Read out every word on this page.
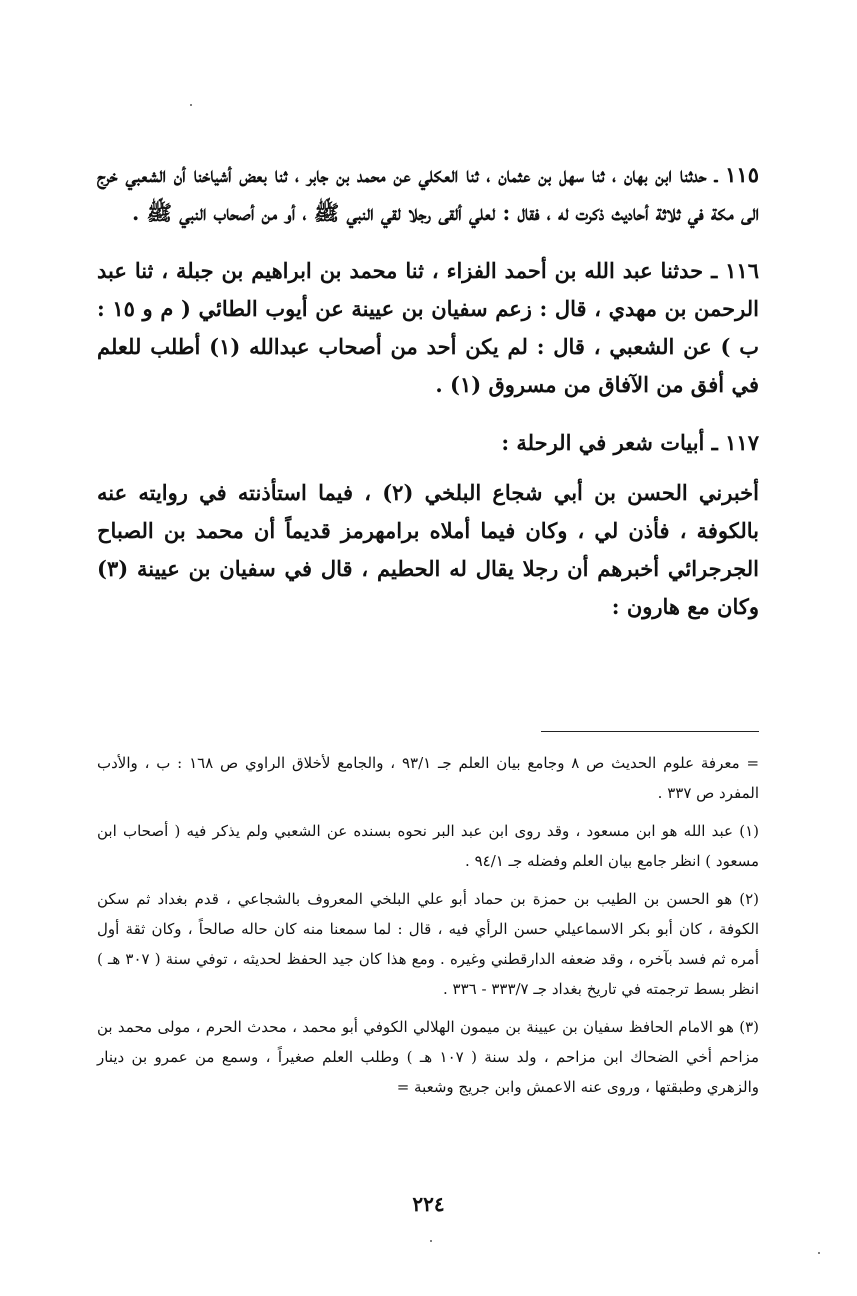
١١٥ ـ حدثنا ابن بهان ، ثنا سهل بن عثمان ، ثنا العكلي عن محمد بن جابر ، ثنا بعض أشياخنا أن الشعبي خرج الى مكة في ثلاثة أحاديث ذكرت له ، فقال : لعلي ألقى رجلا لقي النبي ﷺ ، أو من أصحاب النبي ﷺ .

١١٦ ـ حدثنا عبد الله بن أحمد الفزاء ، ثنا محمد بن ابراهيم بن جبلة ، ثنا عبد الرحمن بن مهدي ، قال : زعم سفيان بن عيينة عن أيوب الطائي ( م و ١٥ : ب ) عن الشعبي ، قال : لم يكن أحد من أصحاب عبدالله (١) أطلب للعلم في أفق من الآفاق من مسروق (١) .

١١٧ ـ أبيات شعر في الرحلة :

أخبرني الحسن بن أبي شجاع البلخي (٢) ، فيما استأذنته في روايته عنه بالكوفة ، فأذن لي ، وكان فيما أملاه برامهرمز قديماً أن محمد بن الصباح الجرجرائي أخبرهم أن رجلا يقال له الحطيم ، قال في سفيان بن عيينة (٣) وكان مع هارون :

= معرفة علوم الحديث ص ٨ وجامع بيان العلم جـ ٩٣/١ ، والجامع لأخلاق الراوي ص ١٦٨ : ب ، والأدب المفرد ص ٣٣٧ .

(١) عبد الله هو ابن مسعود ، وقد روى ابن عبد البر نحوه بسنده عن الشعبي ولم يذكر فيه ( أصحاب ابن مسعود ) انظر جامع بيان العلم وفضله جـ ٩٤/١ .

(٢) هو الحسن بن الطيب بن حمزة بن حماد أبو علي البلخي المعروف بالشجاعي ، قدم بغداد ثم سكن الكوفة ، كان أبو بكر الاسماعيلي حسن الرأي فيه ، قال : لما سمعنا منه كان حاله صالحاً ، وكان ثقة أول أمره ثم فسد بآخره ، وقد ضعفه الدارقطني وغيره . ومع هذا كان جيد الحفظ لحديثه ، توفي سنة ( ٣٠٧ هـ ) انظر بسط ترجمته في تاريخ بغداد جـ ٣٣٣/٧ - ٣٣٦ .

(٣) هو الامام الحافظ سفيان بن عيينة بن ميمون الهلالي الكوفي أبو محمد ، محدث الحرم ، مولى محمد بن مزاحم أخي الضحاك ابن مزاحم ، ولد سنة ( ١٠٧ هـ ) وطلب العلم صغيراً ، وسمع من عمرو بن دينار والزهري وطبقتها ، وروى عنه الاعمش وابن جريج وشعبة =

٢٢٤
